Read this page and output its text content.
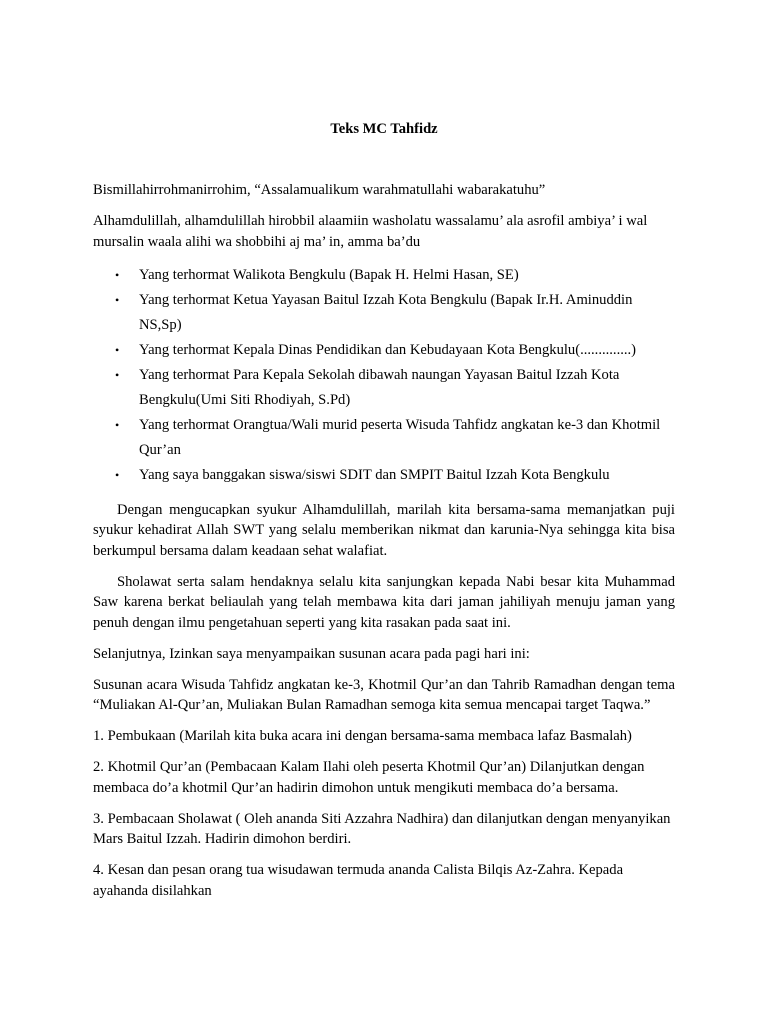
Teks MC Tahfidz

Bismillahirrohmanirrohim, “Assalamualikum warahmatullahi wabarakatuhu”

Alhamdulillah, alhamdulillah hirobbil alaamiin washolatu wassalamu’ ala asrofil ambiya’ i wal mursalin waala alihi wa shobbihi aj ma’ in, amma ba’du

• Yang terhormat Walikota Bengkulu (Bapak H. Helmi Hasan, SE)
• Yang terhormat Ketua Yayasan Baitul Izzah Kota Bengkulu (Bapak Ir.H. Aminuddin NS,Sp)
• Yang terhormat Kepala Dinas Pendidikan dan Kebudayaan Kota Bengkulu(..............)
• Yang terhormat Para Kepala Sekolah dibawah naungan Yayasan Baitul Izzah Kota Bengkulu(Umi Siti Rhodiyah, S.Pd)
• Yang terhormat Orangtua/Wali murid peserta Wisuda Tahfidz angkatan ke-3 dan Khotmil Qur’an
• Yang saya banggakan siswa/siswi SDIT dan SMPIT Baitul Izzah Kota Bengkulu

Dengan mengucapkan syukur Alhamdulillah, marilah kita bersama-sama memanjatkan puji syukur kehadirat Allah SWT yang selalu memberikan nikmat dan karunia-Nya sehingga kita bisa berkumpul bersama dalam keadaan sehat walafiat.

Sholawat serta salam hendaknya selalu kita sanjungkan kepada Nabi besar kita Muhammad Saw karena berkat beliaulah yang telah membawa kita dari jaman jahiliyah menuju jaman yang penuh dengan ilmu pengetahuan seperti yang kita rasakan pada saat ini.

Selanjutnya, Izinkan saya menyampaikan susunan acara pada pagi hari ini:

Susunan acara Wisuda Tahfidz angkatan ke-3, Khotmil Qur’an dan Tahrib Ramadhan dengan tema “Muliakan Al-Qur’an, Muliakan Bulan Ramadhan semoga kita semua mencapai target Taqwa.”

1. Pembukaan (Marilah kita buka acara ini dengan bersama-sama membaca lafaz Basmalah)

2. Khotmil Qur’an (Pembacaan Kalam Ilahi oleh peserta Khotmil Qur’an) Dilanjutkan dengan membaca do’a khotmil Qur’an hadirin dimohon untuk mengikuti membaca do’a bersama.

3. Pembacaan Sholawat ( Oleh ananda Siti Azzahra Nadhira) dan dilanjutkan dengan menyanyikan Mars Baitul Izzah. Hadirin dimohon berdiri.

4. Kesan dan pesan orang tua wisudawan termuda ananda Calista Bilqis Az-Zahra. Kepada ayahanda disilahkan
